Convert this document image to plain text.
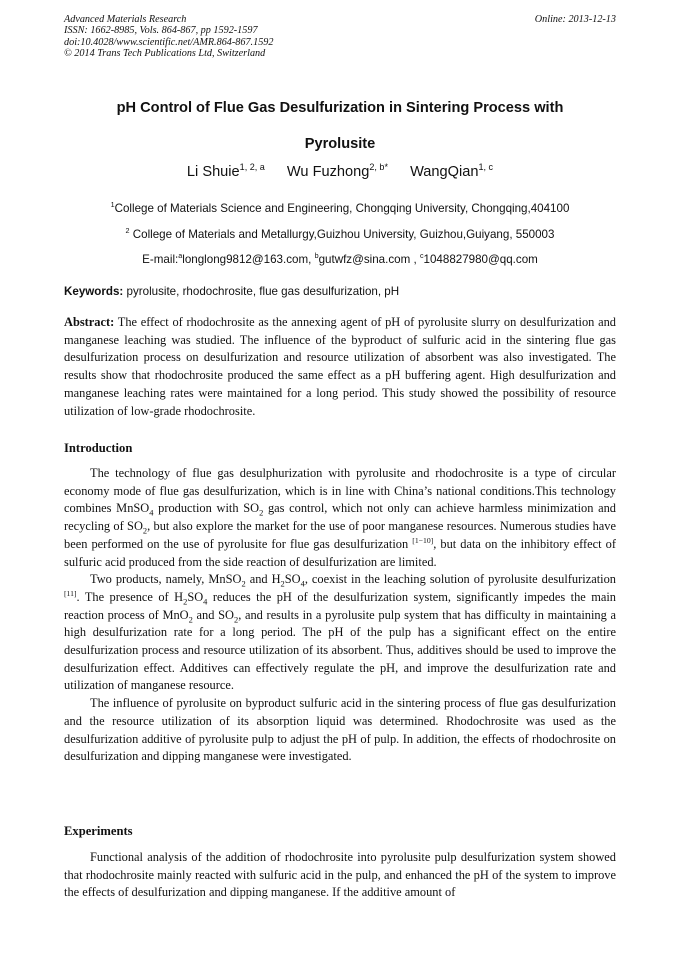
Advanced Materials Research
ISSN: 1662-8985, Vols. 864-867, pp 1592-1597
doi:10.4028/www.scientific.net/AMR.864-867.1592
© 2014 Trans Tech Publications Ltd, Switzerland
Online: 2013-12-13
pH Control of Flue Gas Desulfurization in Sintering Process with
Pyrolusite
Li Shuie$^{1, 2, a}$ Wu Fuzhong$^{2, b*}$ WangQian$^{1, c}$
$^1$College of Materials Science and Engineering, Chongqing University, Chongqing,404100
$^2$ College of Materials and Metallurgy,Guizhou University, Guizhou,Guiyang, 550003
E-mail:$^a$longlong9812@163.com, $^b$gutwfz@sina.com , $^c$1048827980@qq.com
Keywords: pyrolusite, rhodochrosite, flue gas desulfurization, pH
Abstract: The effect of rhodochrosite as the annexing agent of pH of pyrolusite slurry on desulfurization and manganese leaching was studied. The influence of the byproduct of sulfuric acid in the sintering flue gas desulfurization process on desulfurization and resource utilization of absorbent was also investigated. The results show that rhodochrosite produced the same effect as a pH buffering agent. High desulfurization and manganese leaching rates were maintained for a long period. This study showed the possibility of resource utilization of low-grade rhodochrosite.
Introduction

The technology of flue gas desulphurization with pyrolusite and rhodochrosite is a type of circular economy mode of flue gas desulfurization, which is in line with China’s national conditions.This technology combines MnSO$_4$ production with $SO_2$ gas control, which not only can achieve harmless minimization and recycling of $SO_2$, but also explore the market for the use of poor manganese resources. Numerous studies have been performed on the use of pyrolusite for flue gas desulfurization [1−10], but data on the inhibitory effect of sulfuric acid produced from the side reaction of desulfurization are limited.

Two products, namely, MnSO$_2$ and $H_2SO_4$, coexist in the leaching solution of pyrolusite desulfurization [11]. The presence of $H_2SO_4$ reduces the pH of the desulfurization system, significantly impedes the main reaction process of MnO$_2$ and $SO_2$, and results in a pyrolusite pulp system that has difficulty in maintaining a high desulfurization rate for a long period. The pH of the pulp has a significant effect on the entire desulfurization process and resource utilization of its absorbent. Thus, additives should be used to improve the desulfurization effect. Additives can effectively regulate the pH, and improve the desulfurization rate and utilization of manganese resource.

The influence of pyrolusite on byproduct sulfuric acid in the sintering process of flue gas desulfurization and the resource utilization of its absorption liquid was determined. Rhodochrosite was used as the desulfurization additive of pyrolusite pulp to adjust the pH of pulp. In addition, the effects of rhodochrosite on desulfurization and dipping manganese were investigated.

Experiments

Functional analysis of the addition of rhodochrosite into pyrolusite pulp desulfurization system showed that rhodochrosite mainly reacted with sulfuric acid in the pulp, and enhanced the pH of the system to improve the effects of desulfurization and dipping manganese. If the additive amount of
